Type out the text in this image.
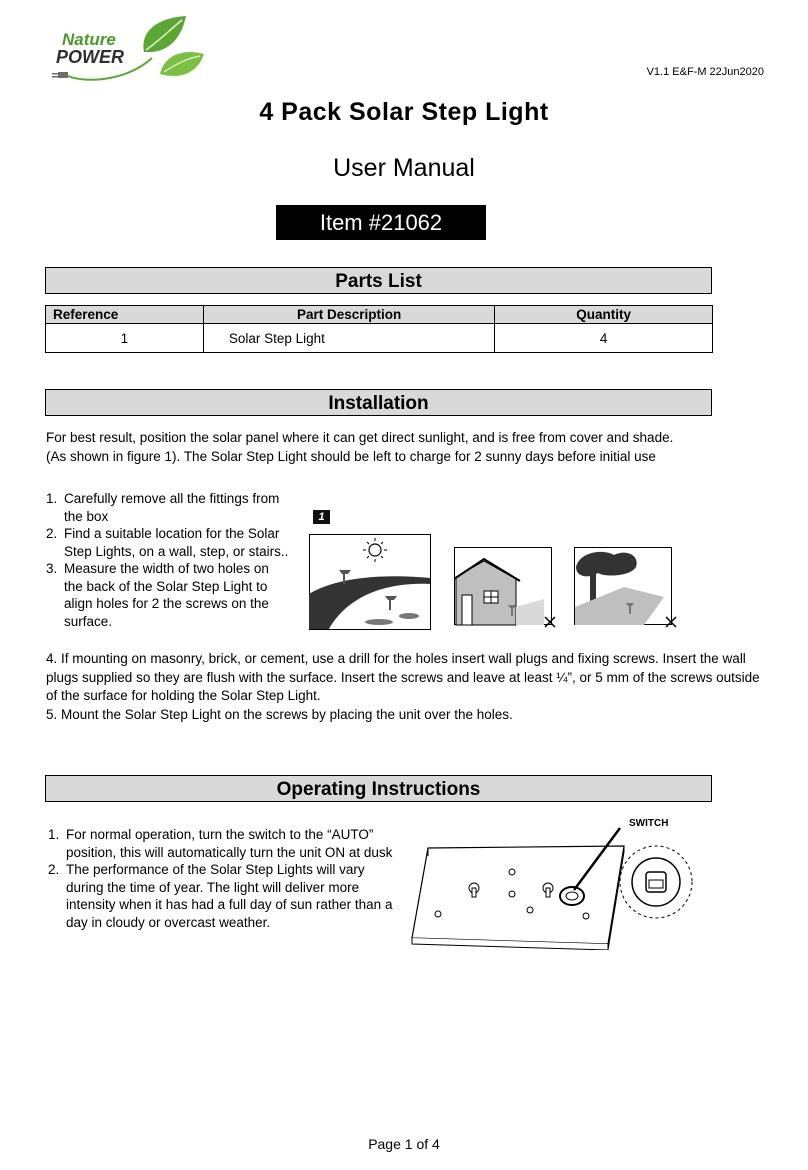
Nature
POWER
V1.1 E&F-M 22Jun2020
4 Pack Solar Step Light
User Manual
Item #21062
Parts List
Reference	Part Description	Quantity
1	Solar Step Light	4
Installation
For best result, position the solar panel where it can get direct sunlight, and is free from cover and shade. (As shown in figure 1). The Solar Step Light should be left to charge for 2 sunny days before initial use
1. Carefully remove all the fittings from the box
2. Find a suitable location for the Solar Step Lights, on a wall, step, or stairs..
3. Measure the width of two holes on the back of the Solar Step Light to align holes for 2 the screws on the surface.
1
4. If mounting on masonry, brick, or cement, use a drill for the holes insert wall plugs and fixing screws. Insert the wall plugs supplied so they are flush with the surface. Insert the screws and leave at least ¼”, or 5 mm of the screws outside of the surface for holding the Solar Step Light.
5. Mount the Solar Step Light on the screws by placing the unit over the holes.
Operating Instructions
1. For normal operation, turn the switch to the “AUTO” position, this will automatically turn the unit ON at dusk
2. The performance of the Solar Step Lights will vary during the time of year. The light will deliver more intensity when it has had a full day of sun rather than a day in cloudy or overcast weather.
SWITCH
Page 1 of 4
